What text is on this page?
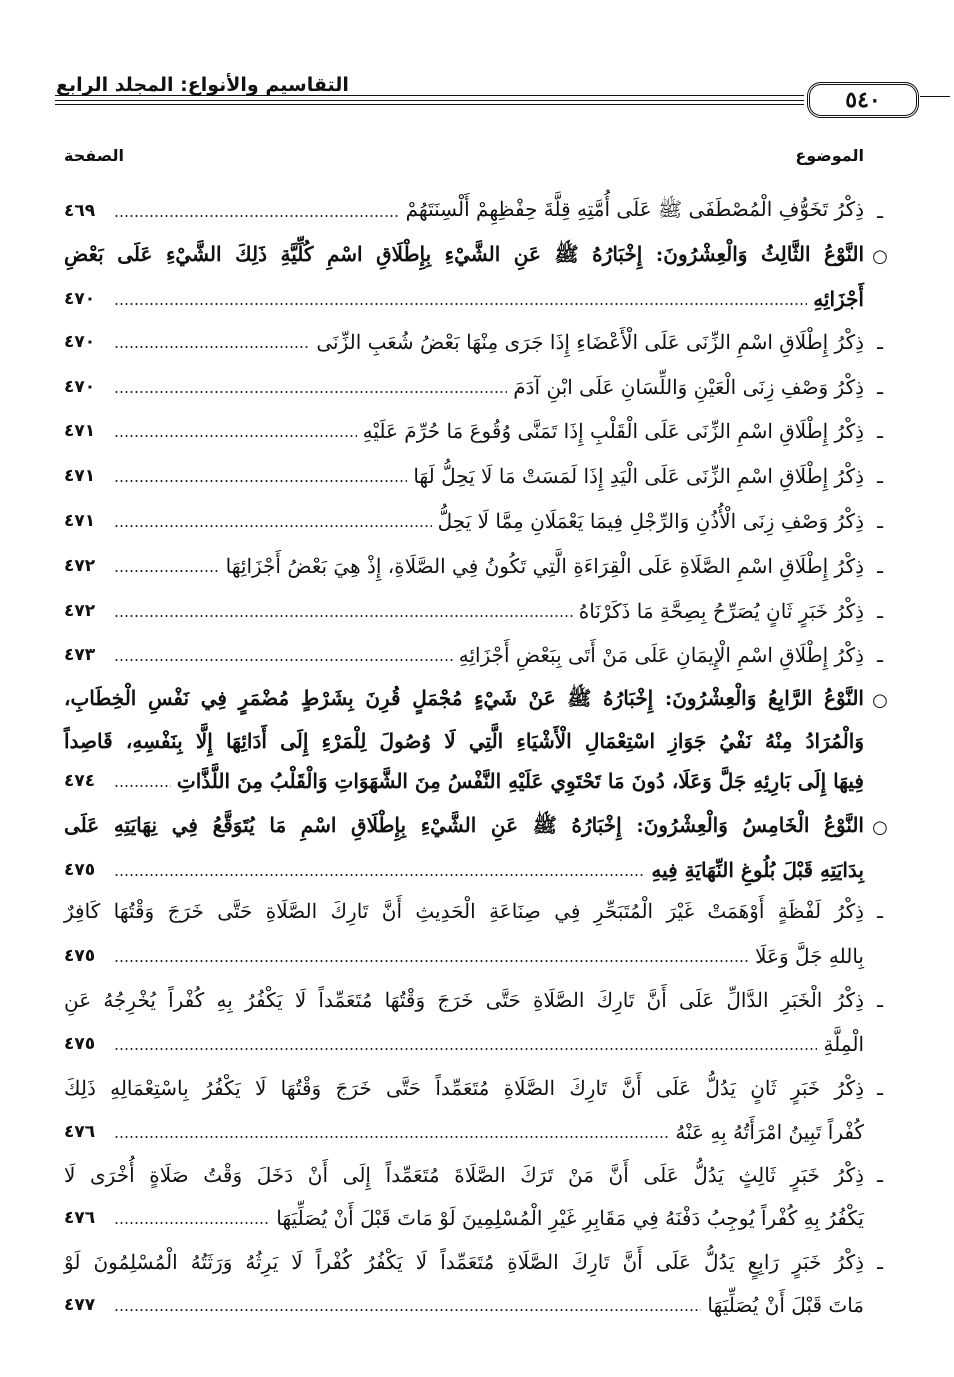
التقاسيم والأنواع: المجلد الرابع
٥٤٠
الموضوع
الصفحة
ـ
ذِكْرُ تَخَوُّفِ الْمُصْطَفَى ﷺ عَلَى أُمَّتِهِ قِلَّةَ حِفْظِهِمْ أَلْسِنَتَهُمْ
٤٦٩
○
النَّوْعُ الثَّالِثُ وَالْعِشْرُونَ: إِخْبَارُهُ ﷺ عَنِ الشَّيْءِ بِإِطْلَاقِ اسْمِ كُلِّيَّةِ ذَلِكَ الشَّيْءِ عَلَى بَعْضِ
أَجْزَائِهِ
٤٧٠
ـ
ذِكْرُ إِطْلَاقِ اسْمِ الزِّنَى عَلَى الْأَعْضَاءِ إِذَا جَرَى مِنْهَا بَعْضُ شُعَبِ الزِّنَى
٤٧٠
ـ
ذِكْرُ وَصْفِ زِنَى الْعَيْنِ وَاللِّسَانِ عَلَى ابْنِ آدَمَ
٤٧٠
ـ
ذِكْرُ إِطْلَاقِ اسْمِ الزِّنَى عَلَى الْقَلْبِ إِذَا تَمَنَّى وُقُوعَ مَا حُرِّمَ عَلَيْهِ
٤٧١
ـ
ذِكْرُ إِطْلَاقِ اسْمِ الزِّنَى عَلَى الْيَدِ إِذَا لَمَسَتْ مَا لَا يَحِلُّ لَهَا
٤٧١
ـ
ذِكْرُ وَصْفِ زِنَى الْأُذُنِ وَالرِّجْلِ فِيمَا يَعْمَلَانِ مِمَّا لَا يَحِلُّ
٤٧١
ـ
ذِكْرُ إِطْلَاقِ اسْمِ الصَّلَاةِ عَلَى الْقِرَاءَةِ الَّتِي تَكُونُ فِي الصَّلَاةِ، إِذْ هِيَ بَعْضُ أَجْزَائِهَا
٤٧٢
ـ
ذِكْرُ خَبَرٍ ثَانٍ يُصَرِّحُ بِصِحَّةِ مَا ذَكَرْنَاهُ
٤٧٢
ـ
ذِكْرُ إِطْلَاقِ اسْمِ الْإِيمَانِ عَلَى مَنْ أَتَى بِبَعْضِ أَجْزَائِهِ
٤٧٣
○
النَّوْعُ الرَّابِعُ وَالْعِشْرُونَ: إِخْبَارُهُ ﷺ عَنْ شَيْءٍ مُجْمَلٍ قُرِنَ بِشَرْطٍ مُضْمَرٍ فِي نَفْسِ الْخِطَابِ،
وَالْمُرَادُ مِنْهُ نَفْيُ جَوَازِ اسْتِعْمَالِ الْأَشْيَاءِ الَّتِي لَا وُصُولَ لِلْمَرْءِ إِلَى أَدَائِهَا إِلَّا بِنَفْسِهِ، قَاصِداً
فِيهَا إِلَى بَارِئِهِ جَلَّ وَعَلَا، دُونَ مَا تَحْتَوِي عَلَيْهِ النَّفْسُ مِنَ الشَّهَوَاتِ وَالْقَلْبُ مِنَ اللَّذَّاتِ
٤٧٤
○
النَّوْعُ الْخَامِسُ وَالْعِشْرُونَ: إِخْبَارُهُ ﷺ عَنِ الشَّيْءِ بِإِطْلَاقِ اسْمِ مَا يُتَوَقَّعُ فِي نِهَايَتِهِ عَلَى
بِدَايَتِهِ قَبْلَ بُلُوغِ النِّهَايَةِ فِيهِ
٤٧٥
ـ
ذِكْرُ لَفْظَةٍ أَوْهَمَتْ غَيْرَ الْمُتَبَحِّرِ فِي صِنَاعَةِ الْحَدِيثِ أَنَّ تَارِكَ الصَّلَاةِ حَتَّى خَرَجَ وَقْتُهَا كَافِرٌ
بِاللهِ جَلَّ وَعَلَا
٤٧٥
ـ
ذِكْرُ الْخَبَرِ الدَّالِّ عَلَى أَنَّ تَارِكَ الصَّلَاةِ حَتَّى خَرَجَ وَقْتُهَا مُتَعَمِّداً لَا يَكْفُرُ بِهِ كُفْراً يُخْرِجُهُ عَنِ
الْمِلَّةِ
٤٧٥
ـ
ذِكْرُ خَبَرٍ ثَانٍ يَدُلُّ عَلَى أَنَّ تَارِكَ الصَّلَاةِ مُتَعَمِّداً حَتَّى خَرَجَ وَقْتُهَا لَا يَكْفُرُ بِاسْتِعْمَالِهِ ذَلِكَ
كُفْراً تَبِينُ امْرَأَتُهُ بِهِ عَنْهُ
٤٧٦
ـ
ذِكْرُ خَبَرٍ ثَالِثٍ يَدُلُّ عَلَى أَنَّ مَنْ تَرَكَ الصَّلَاةَ مُتَعَمِّداً إِلَى أَنْ دَخَلَ وَقْتُ صَلَاةٍ أُخْرَى لَا
يَكْفُرُ بِهِ كُفْراً يُوجِبُ دَفْنَهُ فِي مَقَابِرِ غَيْرِ الْمُسْلِمِينَ لَوْ مَاتَ قَبْلَ أَنْ يُصَلِّيَهَا
٤٧٦
ـ
ذِكْرُ خَبَرٍ رَابِعٍ يَدُلُّ عَلَى أَنَّ تَارِكَ الصَّلَاةِ مُتَعَمِّداً لَا يَكْفُرُ كُفْراً لَا يَرِثُهُ وَرَثَتُهُ الْمُسْلِمُونَ لَوْ
مَاتَ قَبْلَ أَنْ يُصَلِّيَهَا
٤٧٧
